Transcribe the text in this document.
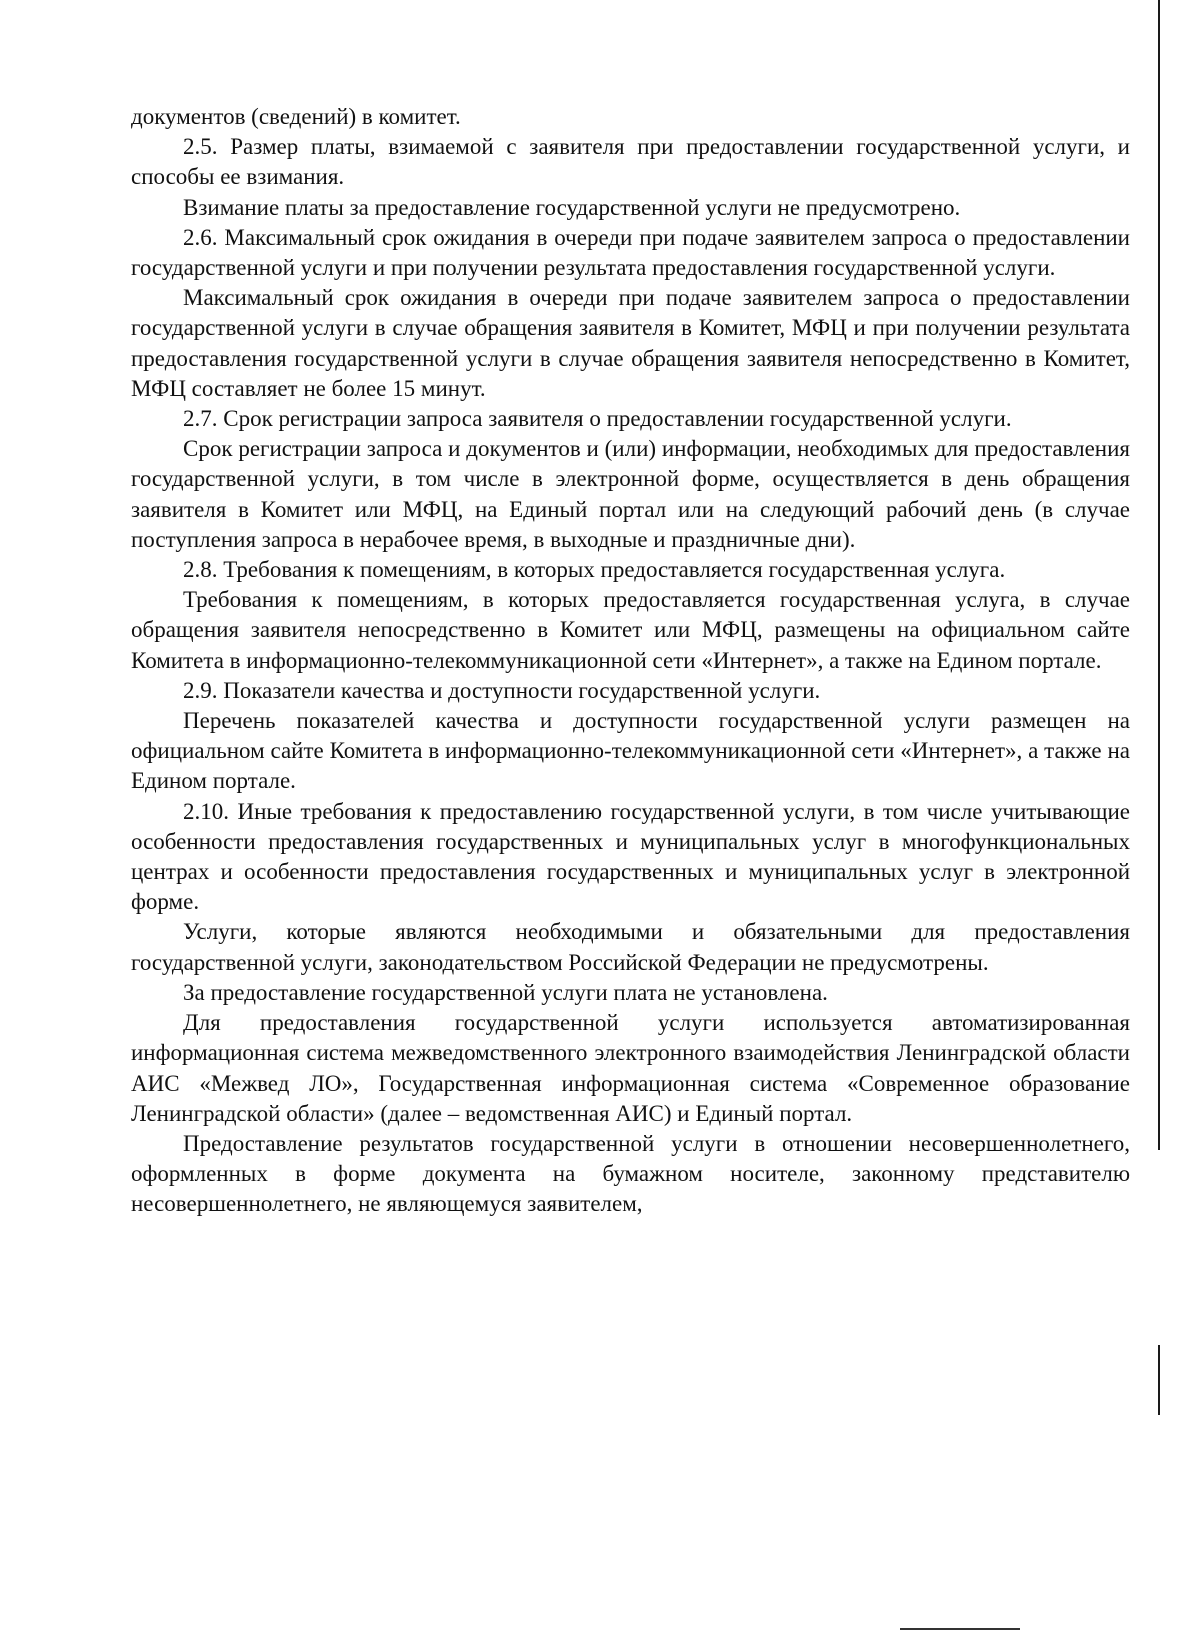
документов (сведений) в комитет.

2.5. Размер платы, взимаемой с заявителя при предоставлении государственной услуги, и способы ее взимания.

Взимание платы за предоставление государственной услуги не предусмотрено.

2.6. Максимальный срок ожидания в очереди при подаче заявителем запроса о предоставлении государственной услуги и при получении результата предоставления государственной услуги.

Максимальный срок ожидания в очереди при подаче заявителем запроса о предоставлении государственной услуги в случае обращения заявителя в Комитет, МФЦ и при получении результата предоставления государственной услуги в случае обращения заявителя непосредственно в Комитет, МФЦ составляет не более 15 минут.

2.7. Срок регистрации запроса заявителя о предоставлении государственной услуги.

Срок регистрации запроса и документов и (или) информации, необходимых для предоставления государственной услуги, в том числе в электронной форме, осуществляется в день обращения заявителя в Комитет или МФЦ, на Единый портал или на следующий рабочий день (в случае поступления запроса в нерабочее время, в выходные и праздничные дни).

2.8. Требования к помещениям, в которых предоставляется государственная услуга.

Требования к помещениям, в которых предоставляется государственная услуга, в случае обращения заявителя непосредственно в Комитет или МФЦ, размещены на официальном сайте Комитета в информационно-телекоммуникационной сети «Интернет», а также на Едином портале.

2.9. Показатели качества и доступности государственной услуги.

Перечень показателей качества и доступности государственной услуги размещен на официальном сайте Комитета в информационно-телекоммуникационной сети «Интернет», а также на Едином портале.

2.10. Иные требования к предоставлению государственной услуги, в том числе учитывающие особенности предоставления государственных и муниципальных услуг в многофункциональных центрах и особенности предоставления государственных и муниципальных услуг в электронной форме.

Услуги, которые являются необходимыми и обязательными для предоставления государственной услуги, законодательством Российской Федерации не предусмотрены.

За предоставление государственной услуги плата не установлена.

Для предоставления государственной услуги используется автоматизированная информационная система межведомственного электронного взаимодействия Ленинградской области АИС «Межвед ЛО», Государственная информационная система «Современное образование Ленинградской области» (далее – ведомственная АИС) и Единый портал.

Предоставление результатов государственной услуги в отношении несовершеннолетнего, оформленных в форме документа на бумажном носителе, законному представителю несовершеннолетнего, не являющемуся заявителем,
